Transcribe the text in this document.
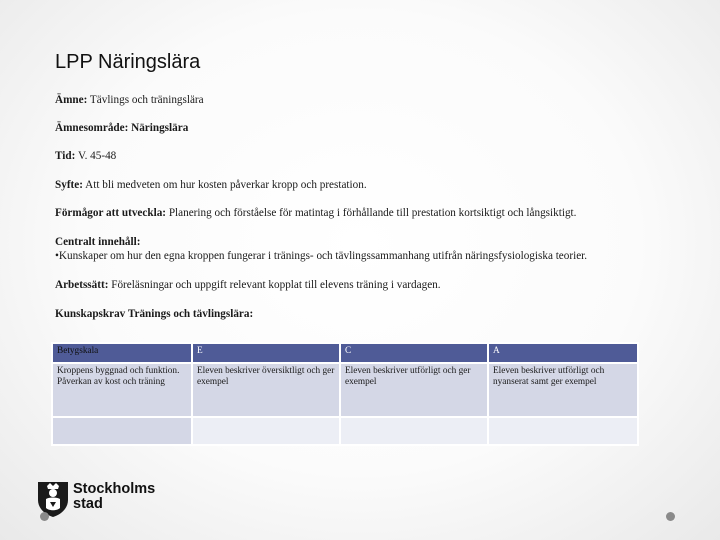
LPP Näringslära
Ämne: Tävlings och träningslära
Ämnesområde: Näringslära
Tid: V. 45-48
Syfte: Att bli medveten om hur kosten påverkar kropp och prestation.
Förmågor att utveckla: Planering och förståelse för matintag i förhållande till prestation kortsiktigt och långsiktigt.
Centralt innehåll:
•Kunskaper om hur den egna kroppen fungerar i tränings- och tävlingssammanhang utifrån näringsfysiologiska teorier.
Arbetssätt: Föreläsningar och uppgift relevant kopplat till elevens träning i vardagen.
Kunskapskrav Tränings och tävlingslära:
Betygskala	E	C	A
Kroppens byggnad och funktion. Påverkan av kost och träning	Eleven beskriver översiktligt och ger exempel	Eleven beskriver utförligt och ger exempel	Eleven beskriver utförligt och nyanserat samt ger exempel

Stockholms
stad
